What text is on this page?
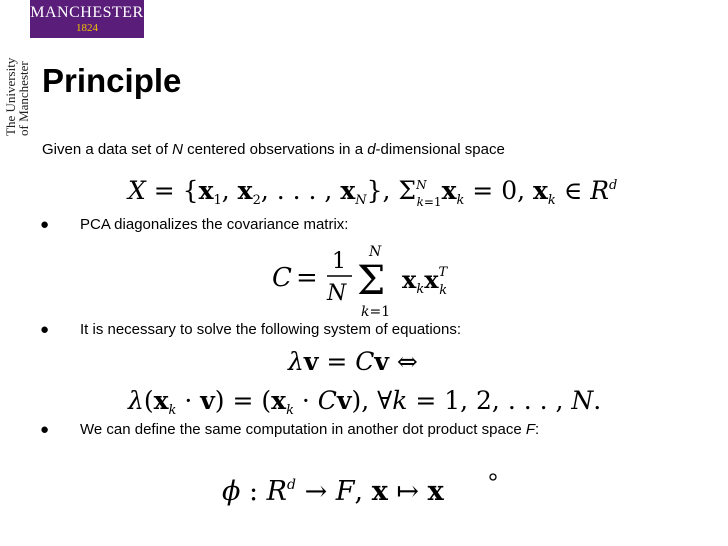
MANCHESTER
1824
The University
of Manchester Principle
Given a data set of N centered observations in a d-dimensional space
$X = \{x_1$, $x_2$, . . . , $x_N$}, $\Sigma^N$ $k=1x_k = 0$, $x_k$ ∈ $R^d$
● PCA diagonalizes the covariance matrix:
C =
1
N
N
Σ
k=1
$x_kx^T$ k
● It is necessary to solve the following system of equations:
λv = Cv ⇔
$\lambda(x_k \cdot v) = (x_k \cdot Cv)$, ∀k = 1, 2, . . . , N.
● We can define the same computation in another dot product space F:
ϕ : $R^d \to F$, x ↦ x
